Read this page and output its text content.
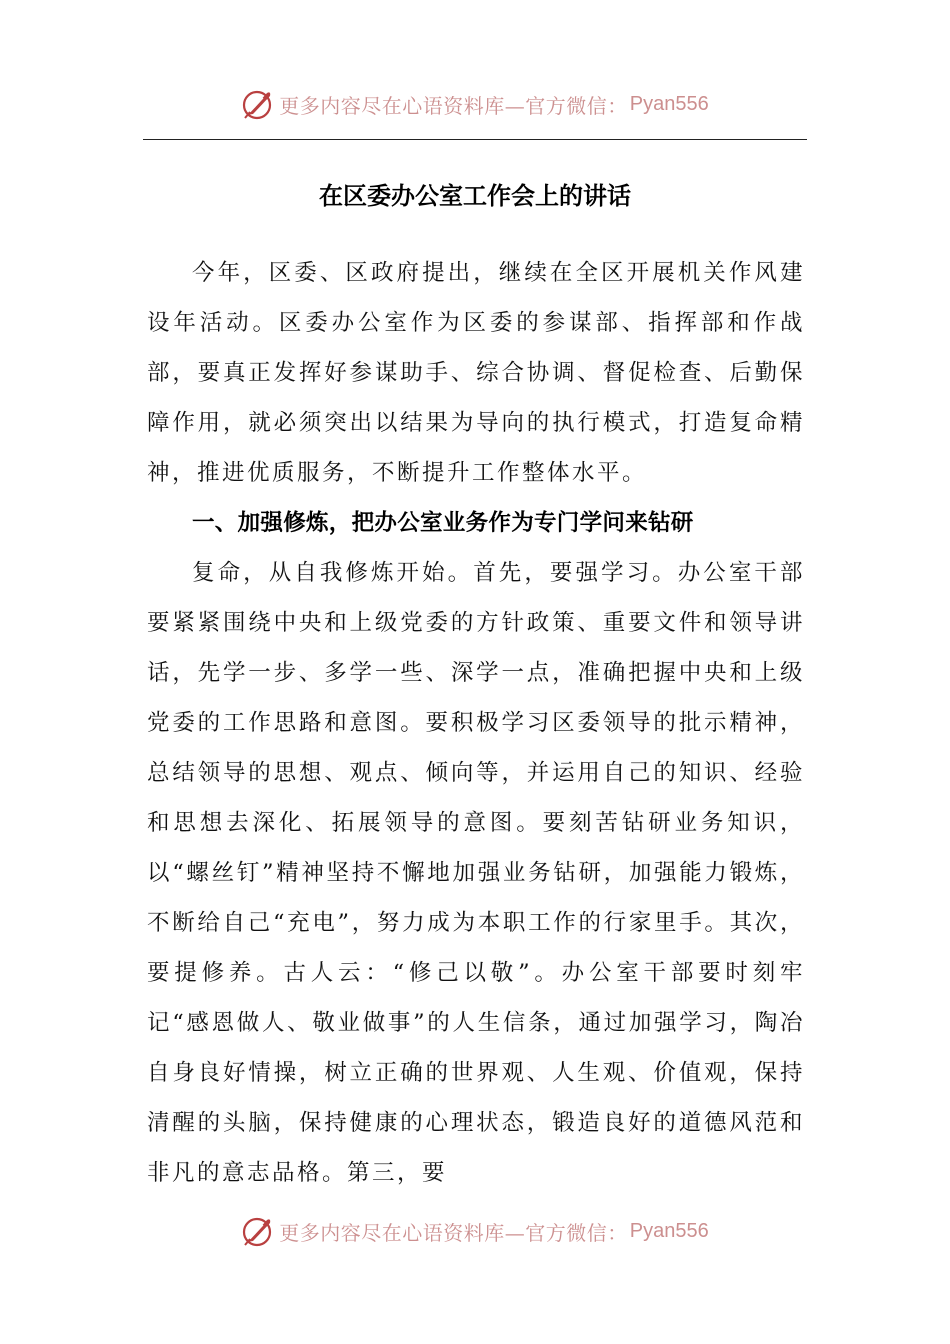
更多内容尽在心语资料库—官方微信： Pyan556
在区委办公室工作会上的讲话

今年，区委、区政府提出，继续在全区开展机关作风建设年活动。区委办公室作为区委的参谋部、指挥部和作战部，要真正发挥好参谋助手、综合协调、督促检查、后勤保障作用，就必须突出以结果为导向的执行模式，打造复命精神，推进优质服务，不断提升工作整体水平。

一、加强修炼，把办公室业务作为专门学问来钻研

复命，从自我修炼开始。首先，要强学习。办公室干部要紧紧围绕中央和上级党委的方针政策、重要文件和领导讲话，先学一步、多学一些、深学一点，准确把握中央和上级党委的工作思路和意图。要积极学习区委领导的批示精神，总结领导的思想、观点、倾向等，并运用自己的知识、经验和思想去深化、拓展领导的意图。要刻苦钻研业务知识，以“螺丝钉”精神坚持不懈地加强业务钻研，加强能力锻炼，不断给自己“充电”，努力成为本职工作的行家里手。其次，要提修养。古人云：“修己以敬”。办公室干部要时刻牢记“感恩做人、敬业做事”的人生信条，通过加强学习，陶冶自身良好情操，树立正确的世界观、人生观、价值观，保持清醒的头脑，保持健康的心理状态，锻造良好的道德风范和非凡的意志品格。第三，要

更多内容尽在心语资料库—官方微信： Pyan556
